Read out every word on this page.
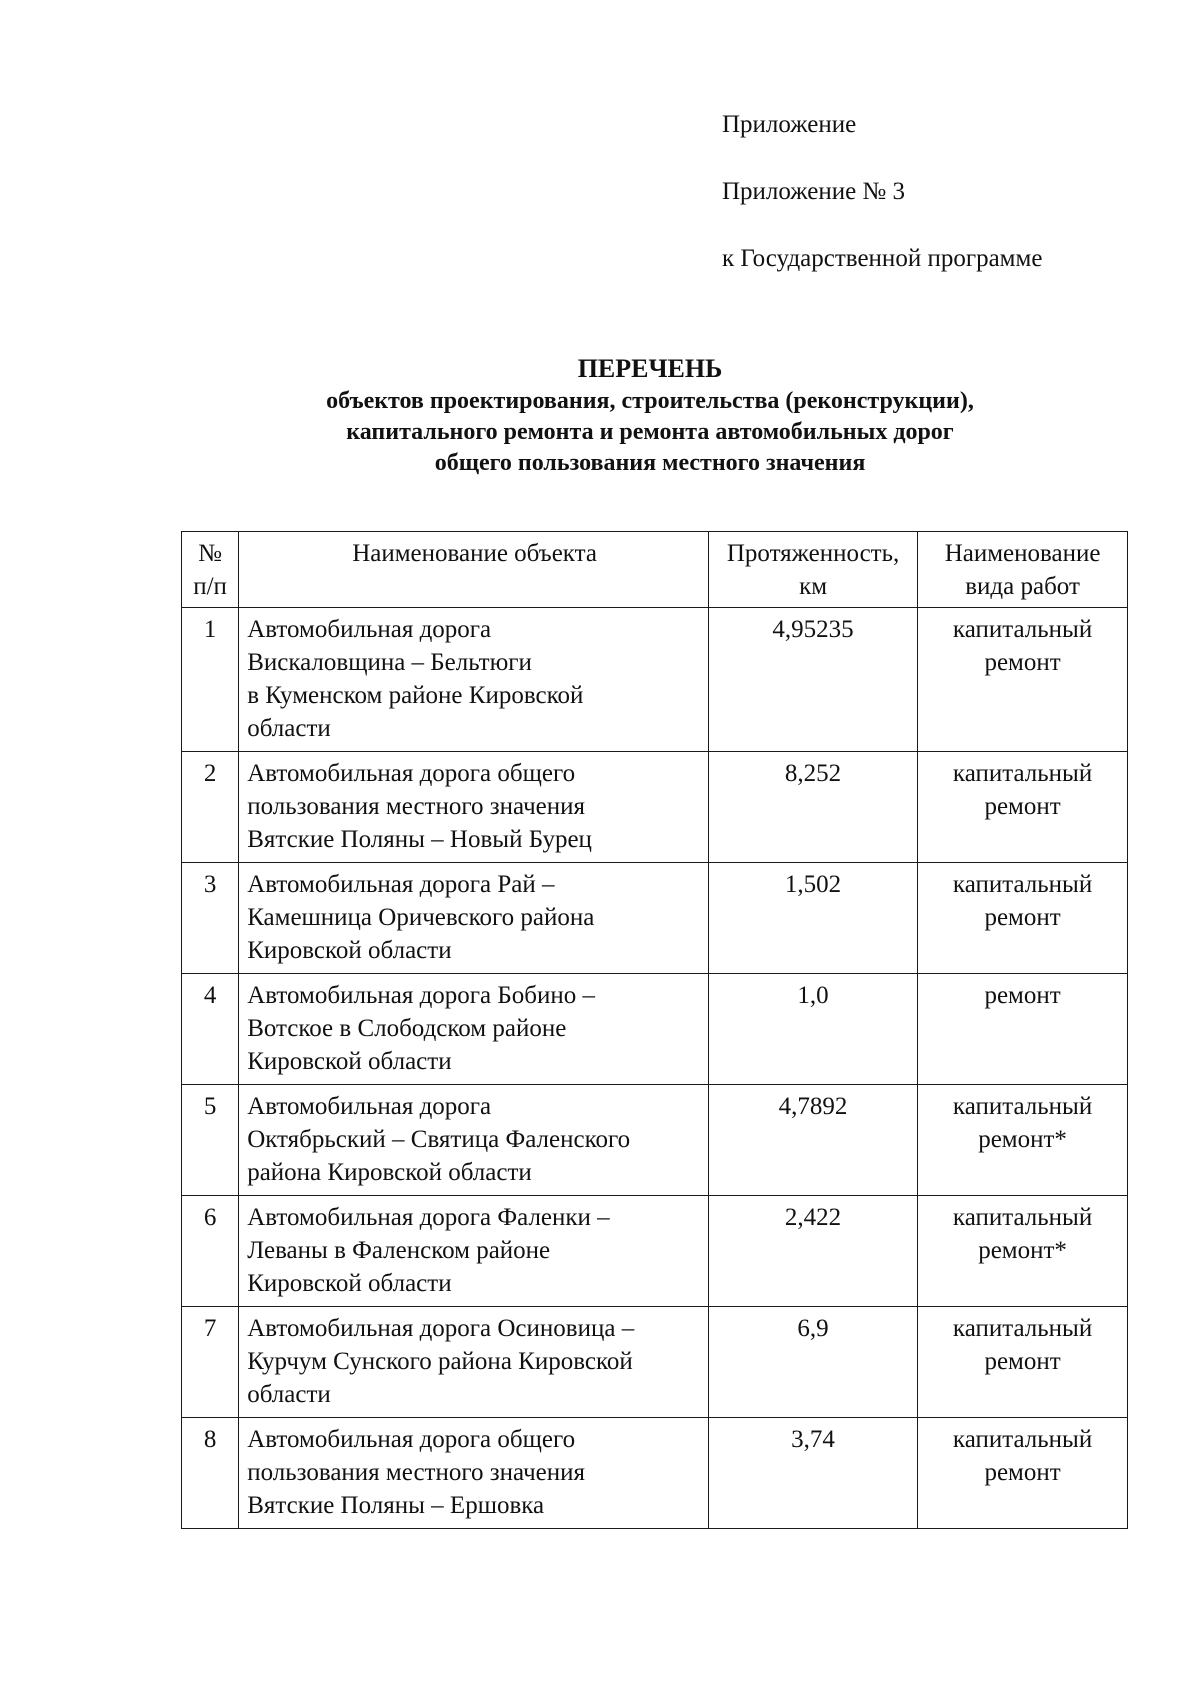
Приложение
Приложение № 3
к Государственной программе
ПЕРЕЧЕНЬ
объектов проектирования, строительства (реконструкции),
капитального ремонта и ремонта автомобильных дорог
общего пользования местного значения
№
п/п	Наименование объекта	Протяженность,
км	Наименование
вида работ

1	Автомобильная дорога
Вискаловщина – Бельтюги
в Куменском районе Кировской
области	4,95235	капитальный
ремонт

2	Автомобильная дорога общего
пользования местного значения
Вятские Поляны – Новый Бурец	8,252	капитальный
ремонт

3	Автомобильная дорога Рай –
Камешница Оричевского района
Кировской области	1,502	капитальный
ремонт

4	Автомобильная дорога Бобино –
Вотское в Слободском районе
Кировской области	1,0	ремонт

5	Автомобильная дорога
Октябрьский – Святица Фаленского
района Кировской области	4,7892	капитальный
ремонт*

6	Автомобильная дорога Фаленки –
Леваны в Фаленском районе
Кировской области	2,422	капитальный
ремонт*

7	Автомобильная дорога Осиновица –
Курчум Сунского района Кировской
области	6,9	капитальный
ремонт

8	Автомобильная дорога общего
пользования местного значения
Вятские Поляны – Ершовка	3,74	капитальный
ремонт
